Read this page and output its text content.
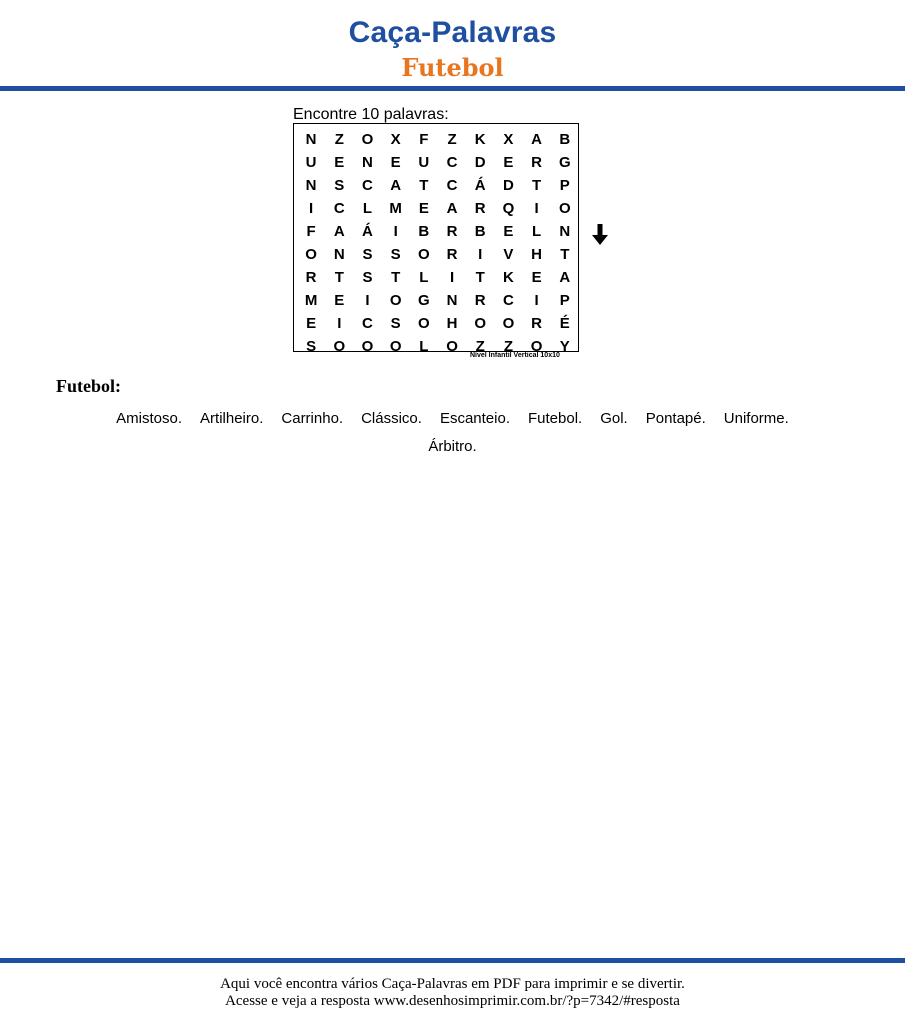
Caça-Palavras
Futebol
Encontre 10 palavras:
N	Z	O	X	F	Z	K	X	A	B
U	E	N	E	U	C	D	E	R	G
N	S	C	A	T	C	Á	D	T	P
I	C	L	M	E	A	R	Q	I	O
F	A	Á	I	B	R	B	E	L	N
O	N	S	S	O	R	I	V	H	T
R	T	S	T	L	I	T	K	E	A
M	E	I	O	G	N	R	C	I	P
E	I	C	S	O	H	O	O	R	É
S	O	O	O	L	O	Z	Z	O	Y
Nível Infantil Vertical 10x10
Futebol:
Amistoso. Artilheiro. Carrinho. Clássico. Escanteio. Futebol. Gol. Pontapé. Uniforme.
Árbitro.
Aqui você encontra vários Caça-Palavras em PDF para imprimir e se divertir.
Acesse e veja a resposta www.desenhosimprimir.com.br/?p=7342/#resposta
